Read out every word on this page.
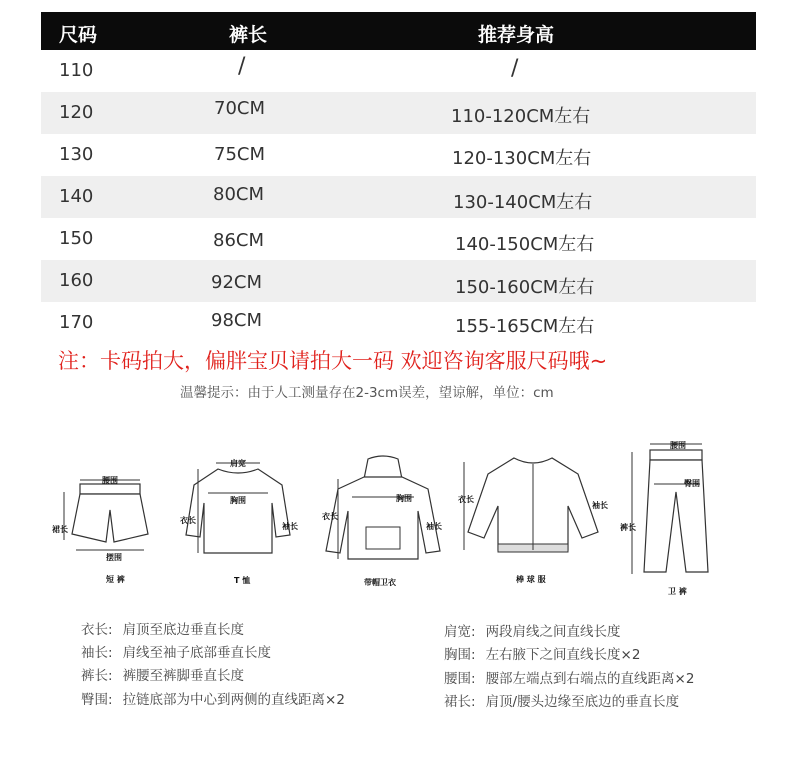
尺码	裤长	推荐身高
110	/	/
120	70CM	110-120CM左右
130	75CM	120-130CM左右
140	80CM	130-140CM左右
150	86CM	140-150CM左右
160	92CM	150-160CM左右
170	98CM	155-165CM左右
注：卡码拍大，偏胖宝贝请拍大一码 欢迎咨询客服尺码哦~
温馨提示：由于人工测量存在2-3cm误差，望谅解，单位：cm
腰围
裙长
摆围
短 裤
肩宽
胸围
衣长
袖长
T 恤
胸围
衣长
袖长
带帽卫衣
衣长
袖长
棒 球 服
腰围
臀围
裤长
卫 裤
衣长: 肩顶至底边垂直长度
袖长: 肩线至袖子底部垂直长度
裤长: 裤腰至裤脚垂直长度
臀围: 拉链底部为中心到两侧的直线距离×2
肩宽: 两段肩线之间直线长度
胸围: 左右腋下之间直线长度×2
腰围: 腰部左端点到右端点的直线距离×2
裙长: 肩顶/腰头边缘至底边的垂直长度
